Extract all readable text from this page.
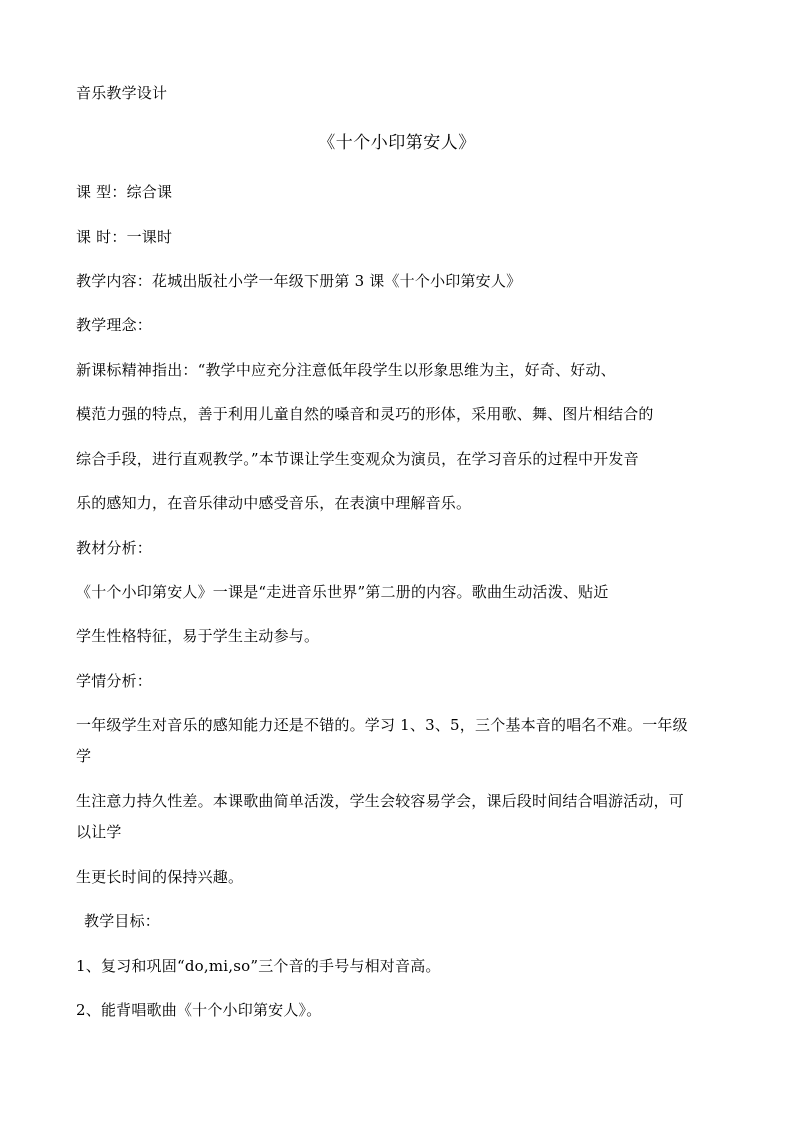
音乐教学设计
《十个小印第安人》
课 型：综合课
课 时：一课时
教学内容：花城出版社小学一年级下册第 3 课《十个小印第安人》
教学理念：
新课标精神指出：“教学中应充分注意低年段学生以形象思维为主，好奇、好动、
模范力强的特点，善于利用儿童自然的嗓音和灵巧的形体，采用歌、舞、图片相结合的
综合手段，进行直观教学。”本节课让学生变观众为演员，在学习音乐的过程中开发音
乐的感知力，在音乐律动中感受音乐，在表演中理解音乐。
教材分析：
《十个小印第安人》一课是“走进音乐世界”第二册的内容。歌曲生动活泼、贴近
学生性格特征，易于学生主动参与。
学情分析：
一年级学生对音乐的感知能力还是不错的。学习 1、3、5，三个基本音的唱名不难。一年级
学
生注意力持久性差。本课歌曲简单活泼，学生会较容易学会，课后段时间结合唱游活动，可
以让学
生更长时间的保持兴趣。
教学目标：
1、复习和巩固“do,mi,so”三个音的手号与相对音高。
2、能背唱歌曲《十个小印第安人》。
